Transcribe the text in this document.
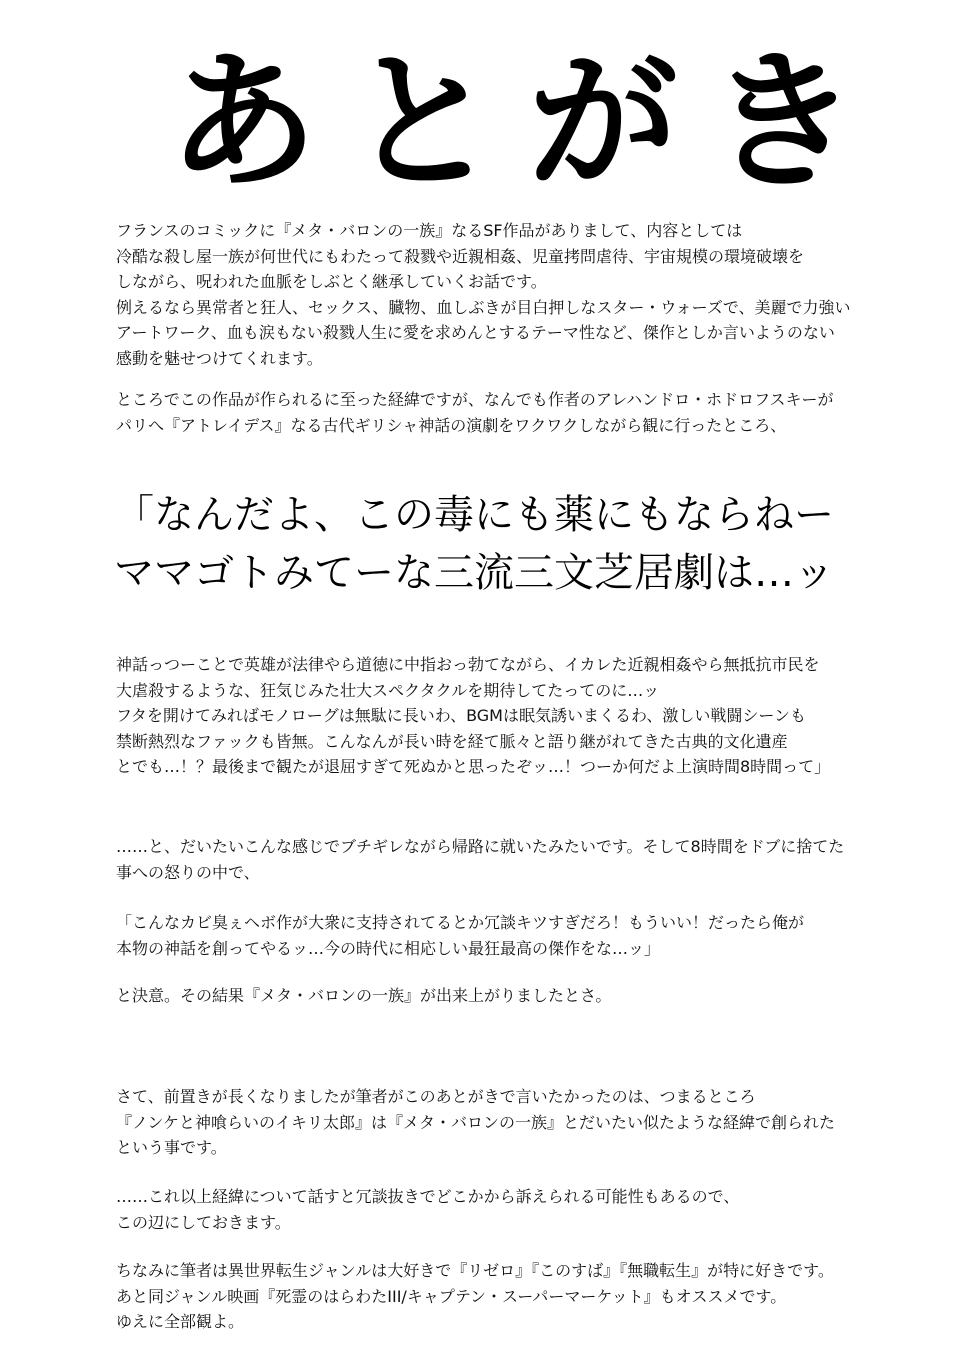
あとがき

フランスのコミックに『メタ・バロンの一族』なるSF作品がありまして、内容としては

冷酷な殺し屋一族が何世代にもわたって殺戮や近親相姦、児童拷問虐待、宇宙規模の環境破壊を

しながら、呪われた血脈をしぶとく継承していくお話です。

例えるなら異常者と狂人、セックス、臓物、血しぶきが目白押しなスター・ウォーズで、美麗で力強い

アートワーク、血も涙もない殺戮人生に愛を求めんとするテーマ性など、傑作としか言いようのない

感動を魅せつけてくれます。

ところでこの作品が作られるに至った経緯ですが、なんでも作者のアレハンドロ・ホドロフスキーが

パリへ『アトレイデス』なる古代ギリシャ神話の演劇をワクワクしながら観に行ったところ、

「なんだよ、この毒にも薬にもならねー

ママゴトみてーな三流三文芝居劇は…ッ

神話っつーことで英雄が法律やら道徳に中指おっ勃てながら、イカレた近親相姦やら無抵抗市民を

大虐殺するような、狂気じみた壮大スペクタクルを期待してたってのに…ッ

フタを開けてみればモノローグは無駄に長いわ、BGMは眠気誘いまくるわ、激しい戦闘シーンも

禁断熱烈なファックも皆無。こんなんが長い時を経て脈々と語り継がれてきた古典的文化遺産

とでも…！？最後まで観たが退屈すぎて死ぬかと思ったぞッ…！つーか何だよ上演時間8時間って」

……と、だいたいこんな感じでブチギレながら帰路に就いたみたいです。そして8時間をドブに捨てた

事への怒りの中で、

「こんなカビ臭ぇヘボ作が大衆に支持されてるとか冗談キツすぎだろ！もういい！だったら俺が

本物の神話を創ってやるッ…今の時代に相応しい最狂最高の傑作をな…ッ」

と決意。その結果『メタ・バロンの一族』が出来上がりましたとさ。

さて、前置きが長くなりましたが筆者がこのあとがきで言いたかったのは、つまるところ

『ノンケと神喰らいのイキリ太郎』は『メタ・バロンの一族』とだいたい似たような経緯で創られた

という事です。

……これ以上経緯について話すと冗談抜きでどこかから訴えられる可能性もあるので、

この辺にしておきます。

ちなみに筆者は異世界転生ジャンルは大好きで『リゼロ』『このすば』『無職転生』が特に好きです。

あと同ジャンル映画『死霊のはらわたIII/キャプテン・スーパーマーケット』もオススメです。

ゆえに全部観よ。
